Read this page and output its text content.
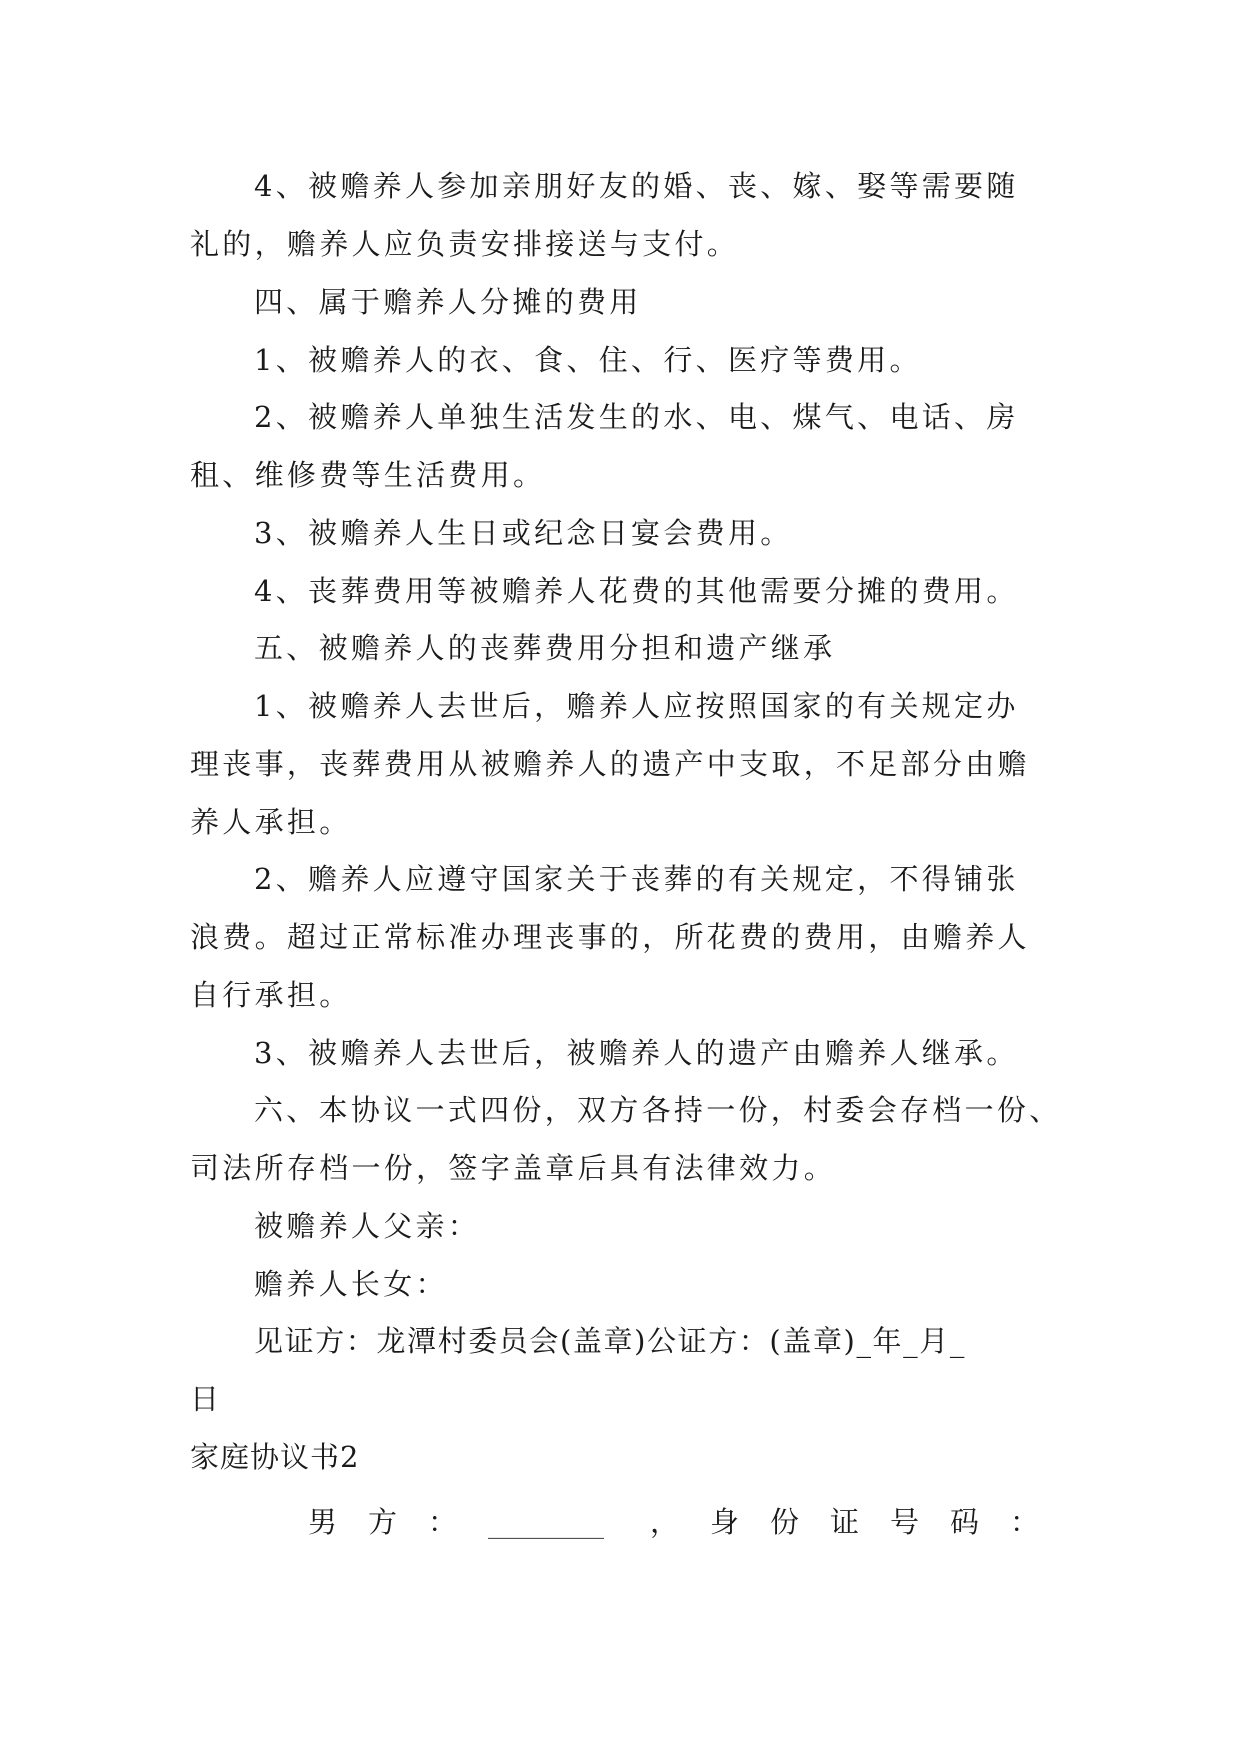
4、被赡养人参加亲朋好友的婚、丧、嫁、娶等需要随
礼的，赡养人应负责安排接送与支付。
四、属于赡养人分摊的费用
1、被赡养人的衣、食、住、行、医疗等费用。
2、被赡养人单独生活发生的水、电、煤气、电话、房
租、维修费等生活费用。
3、被赡养人生日或纪念日宴会费用。
4、丧葬费用等被赡养人花费的其他需要分摊的费用。
五、被赡养人的丧葬费用分担和遗产继承
1、被赡养人去世后，赡养人应按照国家的有关规定办
理丧事，丧葬费用从被赡养人的遗产中支取，不足部分由赡
养人承担。
2、赡养人应遵守国家关于丧葬的有关规定，不得铺张
浪费。超过正常标准办理丧事的，所花费的费用，由赡养人
自行承担。
3、被赡养人去世后，被赡养人的遗产由赡养人继承。
六、本协议一式四份，双方各持一份，村委会存档一份、
司法所存档一份，签字盖章后具有法律效力。
被赡养人父亲：
赡养人长女：
见证方：龙潭村委员会(盖章)公证方：(盖章)_年_月_
日
家庭协议书2
男 方 ： ________ ， 身 份 证 号 码 ：
